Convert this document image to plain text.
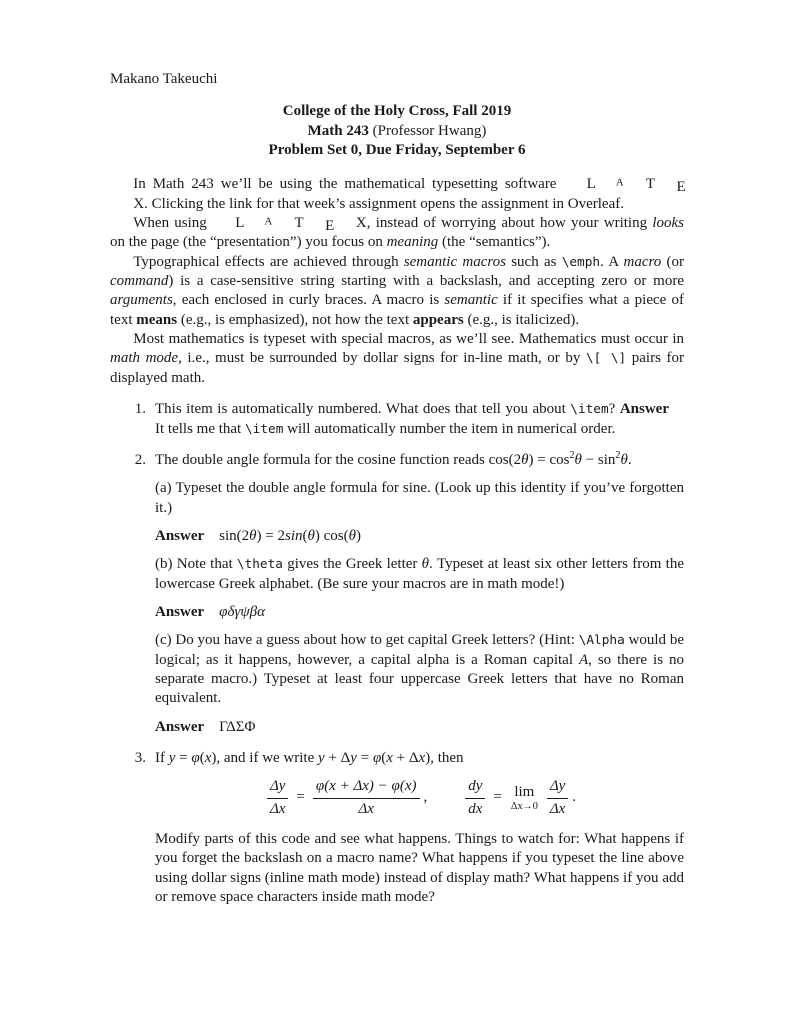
Makano Takeuchi
College of the Holy Cross, Fall 2019
Math 243 (Professor Hwang)
Problem Set 0, Due Friday, September 6

In Math 243 we’ll be using the mathematical typesetting software L A T EX. Clicking the link for that week’s assignment opens the assignment in Overleaf.

When using L A T E X, instead of worrying about how your writing looks on the page (the “presentation”) you focus on meaning (the “semantics”).

Typographical effects are achieved through semantic macros such as \emph. A macro (or command) is a case-sensitive string starting with a backslash, and accepting zero or more arguments, each enclosed in curly braces. A macro is semantic if it specifies what a piece of text means (e.g., is emphasized), not how the text appears (e.g., is italicized).

Most mathematics is typeset with special macros, as we’ll see. Mathematics must occur in math mode, i.e., must be surrounded by dollar signs for in-line math, or by \[ \] pairs for displayed math.

1. This item is automatically numbered. What does that tell you about \item? Answer It tells me that \item will automatically number the item in numerical order.

2. The double angle formula for the cosine function reads $\cos(2\theta) = \cos^2\theta - \sin^2\theta$.

(a) Typeset the double angle formula for sine. (Look up this identity if you’ve forgotten it.)

Answer sin(2θ) = 2sin(θ) cos(θ)

(b) Note that \theta gives the Greek letter θ. Typeset at least six other letters from the lowercase Greek alphabet. (Be sure your macros are in math mode!)

Answer  φδγψβα

(c) Do you have a guess about how to get capital Greek letters? (Hint: \Alpha would be logical; as it happens, however, a capital alpha is a Roman capital A, so there is no separate macro.) Typeset at least four uppercase Greek letters that have no Roman equivalent.

Answer ΓΔΣΦ

3. If y = φ(x), and if we write y + Δy = φ(x + Δx), then

$\frac{\Delta y}{\Delta x} = \frac{\varphi(x + \Delta x) - \varphi(x)}{\Delta x}$ ,	$\frac{dy}{dx} = \lim$
$\Delta x\to 0 \frac{\Delta y}{\Delta x}$ .

Modify parts of this code and see what happens. Things to watch for: What happens if you forget the backslash on a macro name? What happens if you typeset the line above using dollar signs (inline math mode) instead of display math? What happens if you add or remove space characters inside math mode?
